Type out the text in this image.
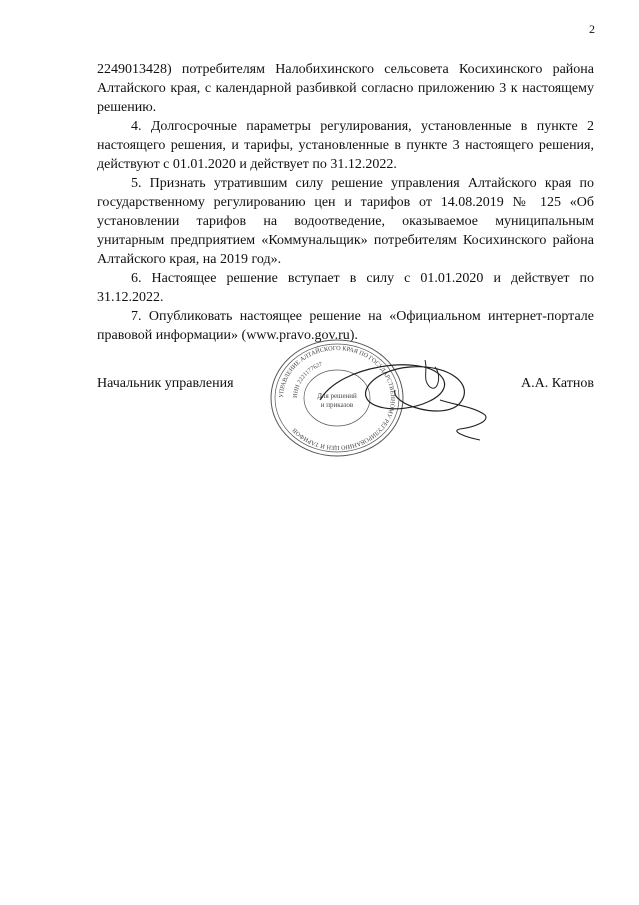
2

2249013428) потребителям Налобихинского сельсовета Косихинского района Алтайского края, с календарной разбивкой согласно приложению 3 к настоящему решению.

4. Долгосрочные параметры регулирования, установленные в пункте 2 настоящего решения, и тарифы, установленные в пункте 3 настоящего решения, действуют с 01.01.2020 и действует по 31.12.2022.

5. Признать утратившим силу решение управления Алтайского края по государственному регулированию цен и тарифов от 14.08.2019 № 125 «Об установлении тарифов на водоотведение, оказываемое муниципальным унитарным предприятием «Коммунальщик» потребителям Косихинского района Алтайского края, на 2019 год».

6. Настоящее решение вступает в силу с 01.01.2020 и действует по 31.12.2022.

7. Опубликовать настоящее решение на «Официальном интернет-портале правовой информации» (www.pravo.gov.ru).

Начальник управления	А.А. Катнов
УПРАВЛЕНИЕ АЛТАЙСКОГО КРАЯ ПО ГОСУДАРСТВЕННОМУ РЕГУЛИРОВАНИЮ ЦЕН И ТАРИФОВ
ИНН 2221177627
Для решений
и приказов
